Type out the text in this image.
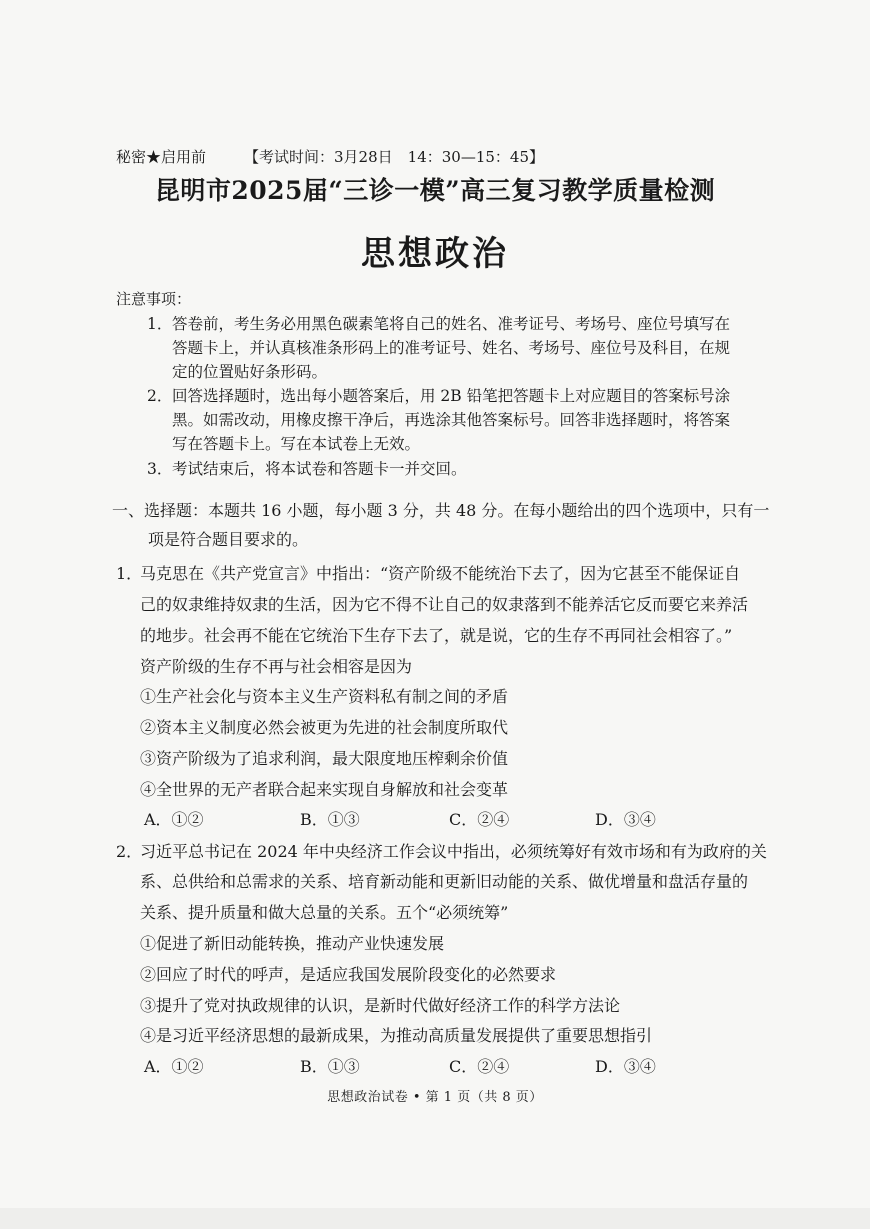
秘密★启用前	【考试时间：3月28日　14：30—15：45】
昆明市2025届“三诊一模”高三复习教学质量检测
思想政治
注意事项：
1． 答卷前，考生务必用黑色碳素笔将自己的姓名、准考证号、考场号、座位号填写在
答题卡上，并认真核准条形码上的准考证号、姓名、考场号、座位号及科目，在规
定的位置贴好条形码。
2． 回答选择题时，选出每小题答案后，用 2B 铅笔把答题卡上对应题目的答案标号涂
黑。如需改动，用橡皮擦干净后，再选涂其他答案标号。回答非选择题时，将答案
写在答题卡上。写在本试卷上无效。
3． 考试结束后，将本试卷和答题卡一并交回。
一、选择题：本题共 16 小题，每小题 3 分，共 48 分。在每小题给出的四个选项中，只有一
项是符合题目要求的。
1．
马克思在《共产党宣言》中指出：“资产阶级不能统治下去了，因为它甚至不能保证自
己的奴隶维持奴隶的生活，因为它不得不让自己的奴隶落到不能养活它反而要它来养活
的地步。社会再不能在它统治下生存下去了，就是说，它的生存不再同社会相容了。”
资产阶级的生存不再与社会相容是因为
①生产社会化与资本主义生产资料私有制之间的矛盾
②资本主义制度必然会被更为先进的社会制度所取代
③资产阶级为了追求利润，最大限度地压榨剩余价值
④全世界的无产者联合起来实现自身解放和社会变革
A．①②	B．①③	C．②④	D．③④
2．
习近平总书记在 2024 年中央经济工作会议中指出，必须统筹好有效市场和有为政府的关
系、总供给和总需求的关系、培育新动能和更新旧动能的关系、做优增量和盘活存量的
关系、提升质量和做大总量的关系。五个“必须统筹”
①促进了新旧动能转换，推动产业快速发展
②回应了时代的呼声，是适应我国发展阶段变化的必然要求
③提升了党对执政规律的认识，是新时代做好经济工作的科学方法论
④是习近平经济思想的最新成果，为推动高质量发展提供了重要思想指引
A．①②	B．①③	C．②④	D．③④
思想政治试卷 • 第 1 页（共 8 页）
